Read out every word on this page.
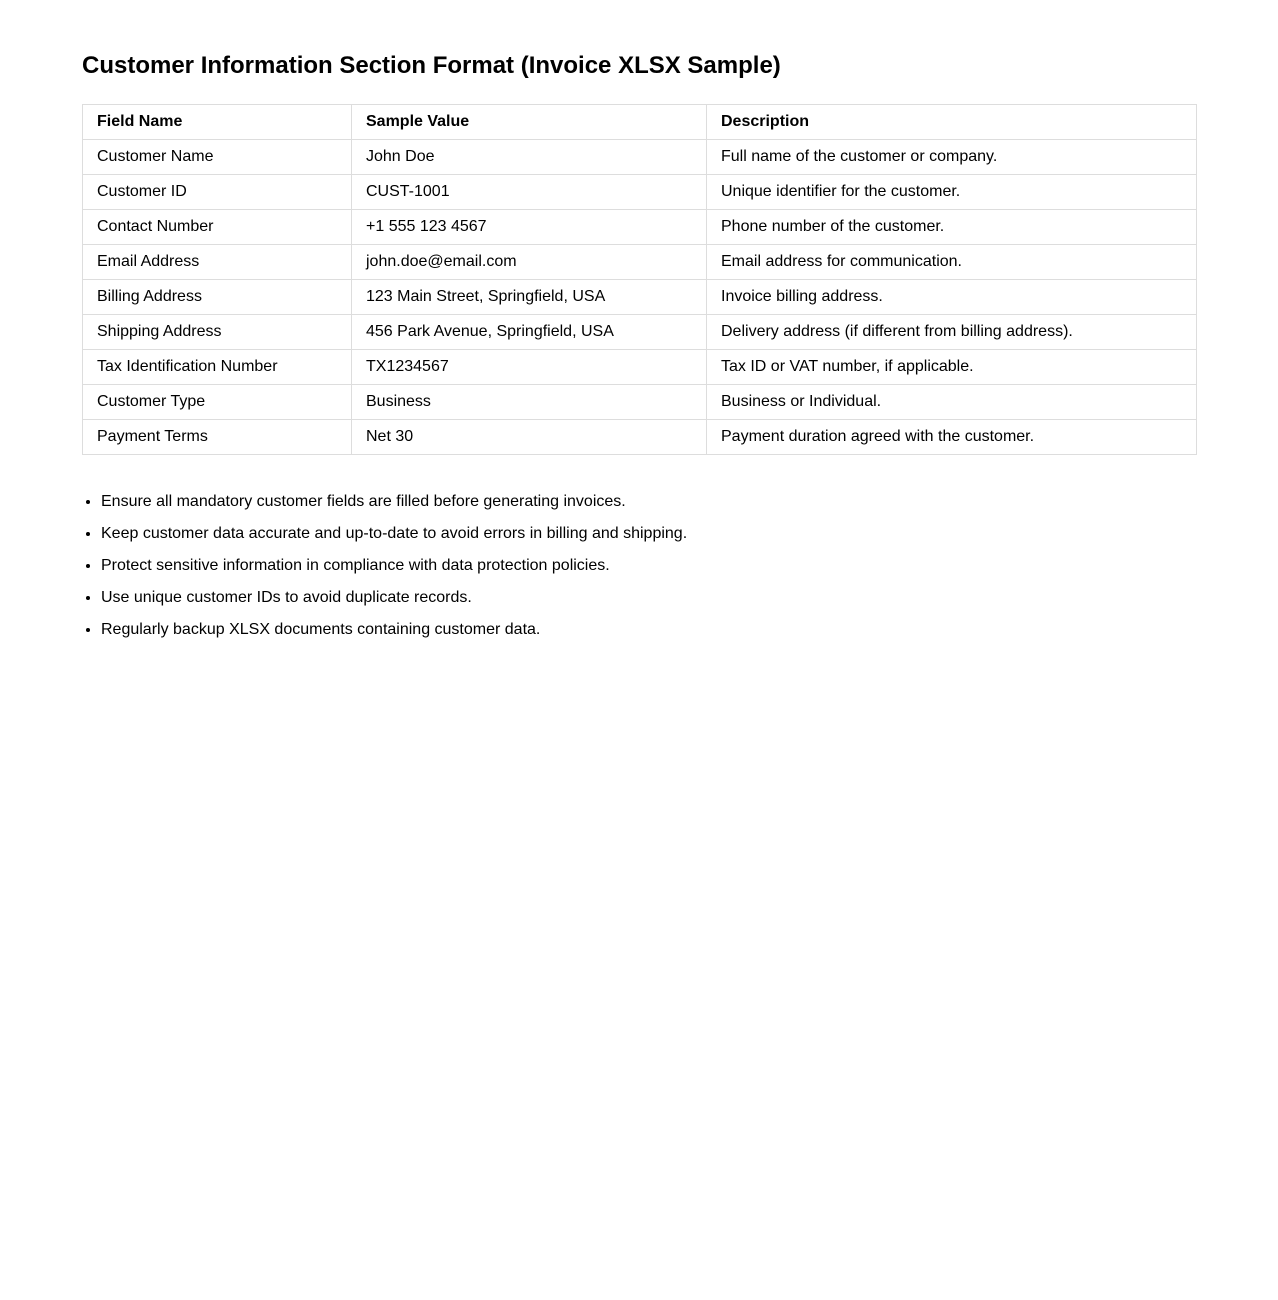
Customer Information Section Format (Invoice XLSX Sample)
Field Name	Sample Value	Description
Customer Name	John Doe	Full name of the customer or company.
Customer ID	CUST-1001	Unique identifier for the customer.
Contact Number	+1 555 123 4567	Phone number of the customer.
Email Address	john.doe@email.com	Email address for communication.
Billing Address	123 Main Street, Springfield, USA	Invoice billing address.
Shipping Address	456 Park Avenue, Springfield, USA	Delivery address (if different from billing address).
Tax Identification Number	TX1234567	Tax ID or VAT number, if applicable.
Customer Type	Business	Business or Individual.
Payment Terms	Net 30	Payment duration agreed with the customer.
• Ensure all mandatory customer fields are filled before generating invoices.
• Keep customer data accurate and up-to-date to avoid errors in billing and shipping.
• Protect sensitive information in compliance with data protection policies.
• Use unique customer IDs to avoid duplicate records.
• Regularly backup XLSX documents containing customer data.
